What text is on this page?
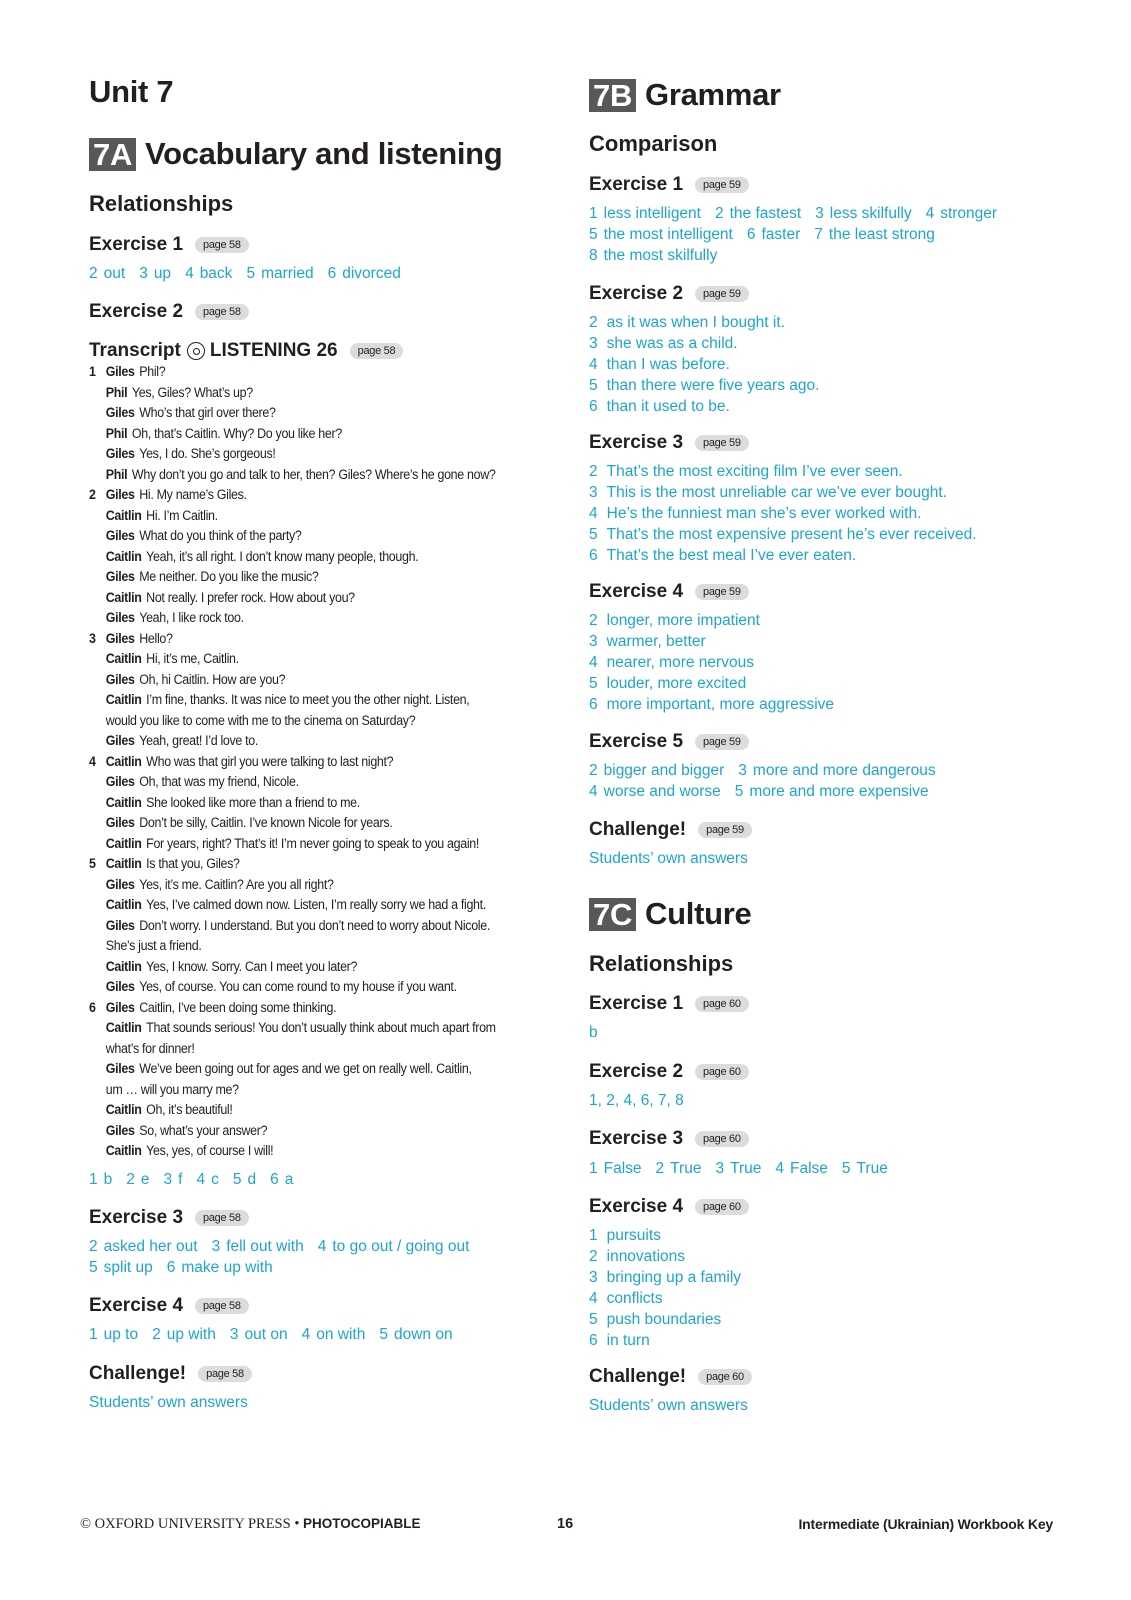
Unit 7
7A Vocabulary and listening
Relationships
Exercise 1	page 58
2 out 3 up 4 back 5 married 6 divorced
Exercise 2	page 58
Transcript LISTENING 26	page 58
1 Giles Phil?
Phil Yes, Giles? What’s up?
Giles Who’s that girl over there?
Phil Oh, that’s Caitlin. Why? Do you like her?
Giles Yes, I do. She’s gorgeous!
Phil Why don’t you go and talk to her, then? Giles? Where’s he gone now?
2 Giles Hi. My name’s Giles.
Caitlin Hi. I’m Caitlin.
Giles What do you think of the party?
Caitlin Yeah, it’s all right. I don’t know many people, though.
Giles Me neither. Do you like the music?
Caitlin Not really. I prefer rock. How about you?
Giles Yeah, I like rock too.
3 Giles Hello?
Caitlin Hi, it’s me, Caitlin.
Giles Oh, hi Caitlin. How are you?
Caitlin I’m fine, thanks. It was nice to meet you the other night. Listen,
would you like to come with me to the cinema on Saturday?
Giles Yeah, great! I’d love to.
4 Caitlin Who was that girl you were talking to last night?
Giles Oh, that was my friend, Nicole.
Caitlin She looked like more than a friend to me.
Giles Don’t be silly, Caitlin. I’ve known Nicole for years.
Caitlin For years, right? That’s it! I’m never going to speak to you again!
5 Caitlin Is that you, Giles?
Giles Yes, it’s me. Caitlin? Are you all right?
Caitlin Yes, I’ve calmed down now. Listen, I’m really sorry we had a fight.
Giles Don’t worry. I understand. But you don’t need to worry about Nicole.
She’s just a friend.
Caitlin Yes, I know. Sorry. Can I meet you later?
Giles Yes, of course. You can come round to my house if you want.
6 Giles Caitlin, I’ve been doing some thinking.
Caitlin That sounds serious! You don’t usually think about much apart from
what’s for dinner!
Giles We’ve been going out for ages and we get on really well. Caitlin,
um … will you marry me?
Caitlin Oh, it’s beautiful!
Giles So, what’s your answer?
Caitlin Yes, yes, of course I will!
1 b 2 e 3 f 4 c 5 d 6 a
Exercise 3	page 58
2 asked her out 3 fell out with 4 to go out / going out
5 split up 6 make up with
Exercise 4	page 58
1 up to 2 up with 3 out on 4 on with 5 down on
Challenge!	page 58
Students’ own answers
7B Grammar
Comparison
Exercise 1	page 59
1 less intelligent 2 the fastest 3 less skilfully 4 stronger
5 the most intelligent 6 faster 7 the least strong
8 the most skilfully
Exercise 2	page 59
2 as it was when I bought it.
3 she was as a child.
4 than I was before.
5 than there were five years ago.
6 than it used to be.
Exercise 3	page 59
2 That’s the most exciting film I’ve ever seen.
3 This is the most unreliable car we’ve ever bought.
4 He’s the funniest man she’s ever worked with.
5 That’s the most expensive present he’s ever received.
6 That’s the best meal I’ve ever eaten.
Exercise 4	page 59
2 longer, more impatient
3 warmer, better
4 nearer, more nervous
5 louder, more excited
6 more important, more aggressive
Exercise 5	page 59
2 bigger and bigger 3 more and more dangerous
4 worse and worse 5 more and more expensive
Challenge!	page 59
Students’ own answers
7C Culture
Relationships
Exercise 1	page 60
b
Exercise 2	page 60
1, 2, 4, 6, 7, 8
Exercise 3	page 60
1 False 2 True 3 True 4 False 5 True
Exercise 4	page 60
1 pursuits
2 innovations
3 bringing up a family
4 conflicts
5 push boundaries
6 in turn
Challenge!	page 60
Students’ own answers
© OXFORD UNIVERSITY PRESS • PHOTOCOPIABLE	16	Intermediate (Ukrainian) Workbook Key
